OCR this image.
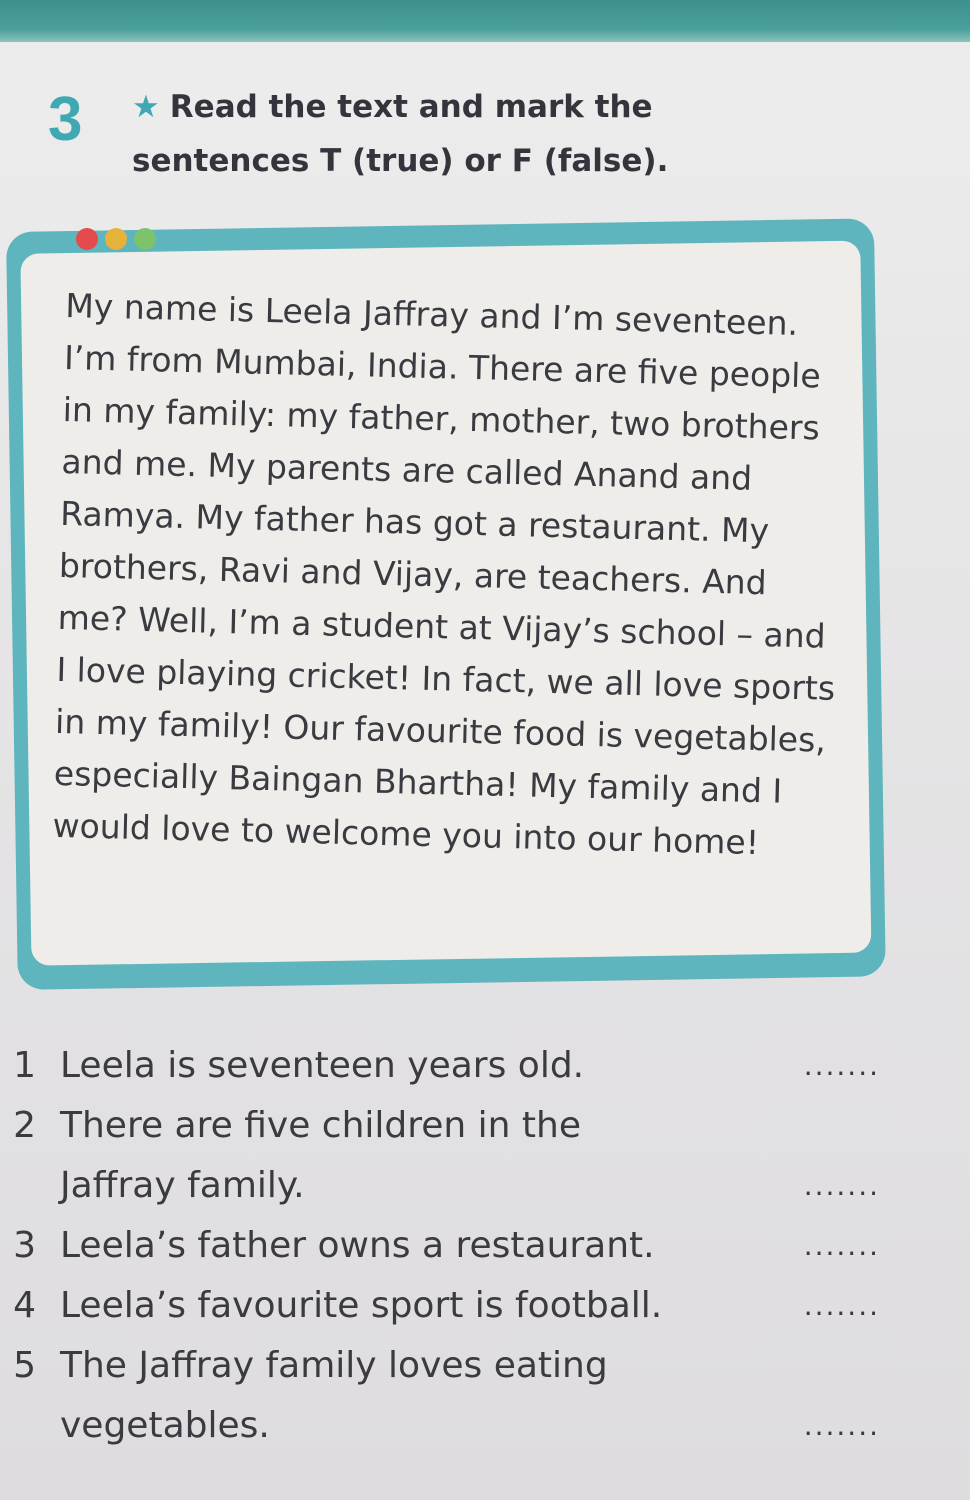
3 ★ Read the text and mark the
sentences T (true) or F (false).

My name is Leela Jaffray and I’m seventeen. I’m from Mumbai, India. There are five people in my family: my father, mother, two brothers and me. My parents are called Anand and Ramya. My father has got a restaurant. My brothers, Ravi and Vijay, are teachers. And me? Well, I’m a student at Vijay’s school – and I love playing cricket! In fact, we all love sports in my family! Our favourite food is vegetables, especially Baingan Bhartha! My family and I would love to welcome you into our home!

1 Leela is seventeen years old.	.......
2 There are five children in the Jaffray family.	.......
3 Leela’s father owns a restaurant.	.......
4 Leela’s favourite sport is football.	.......
5 The Jaffray family loves eating vegetables.	.......
